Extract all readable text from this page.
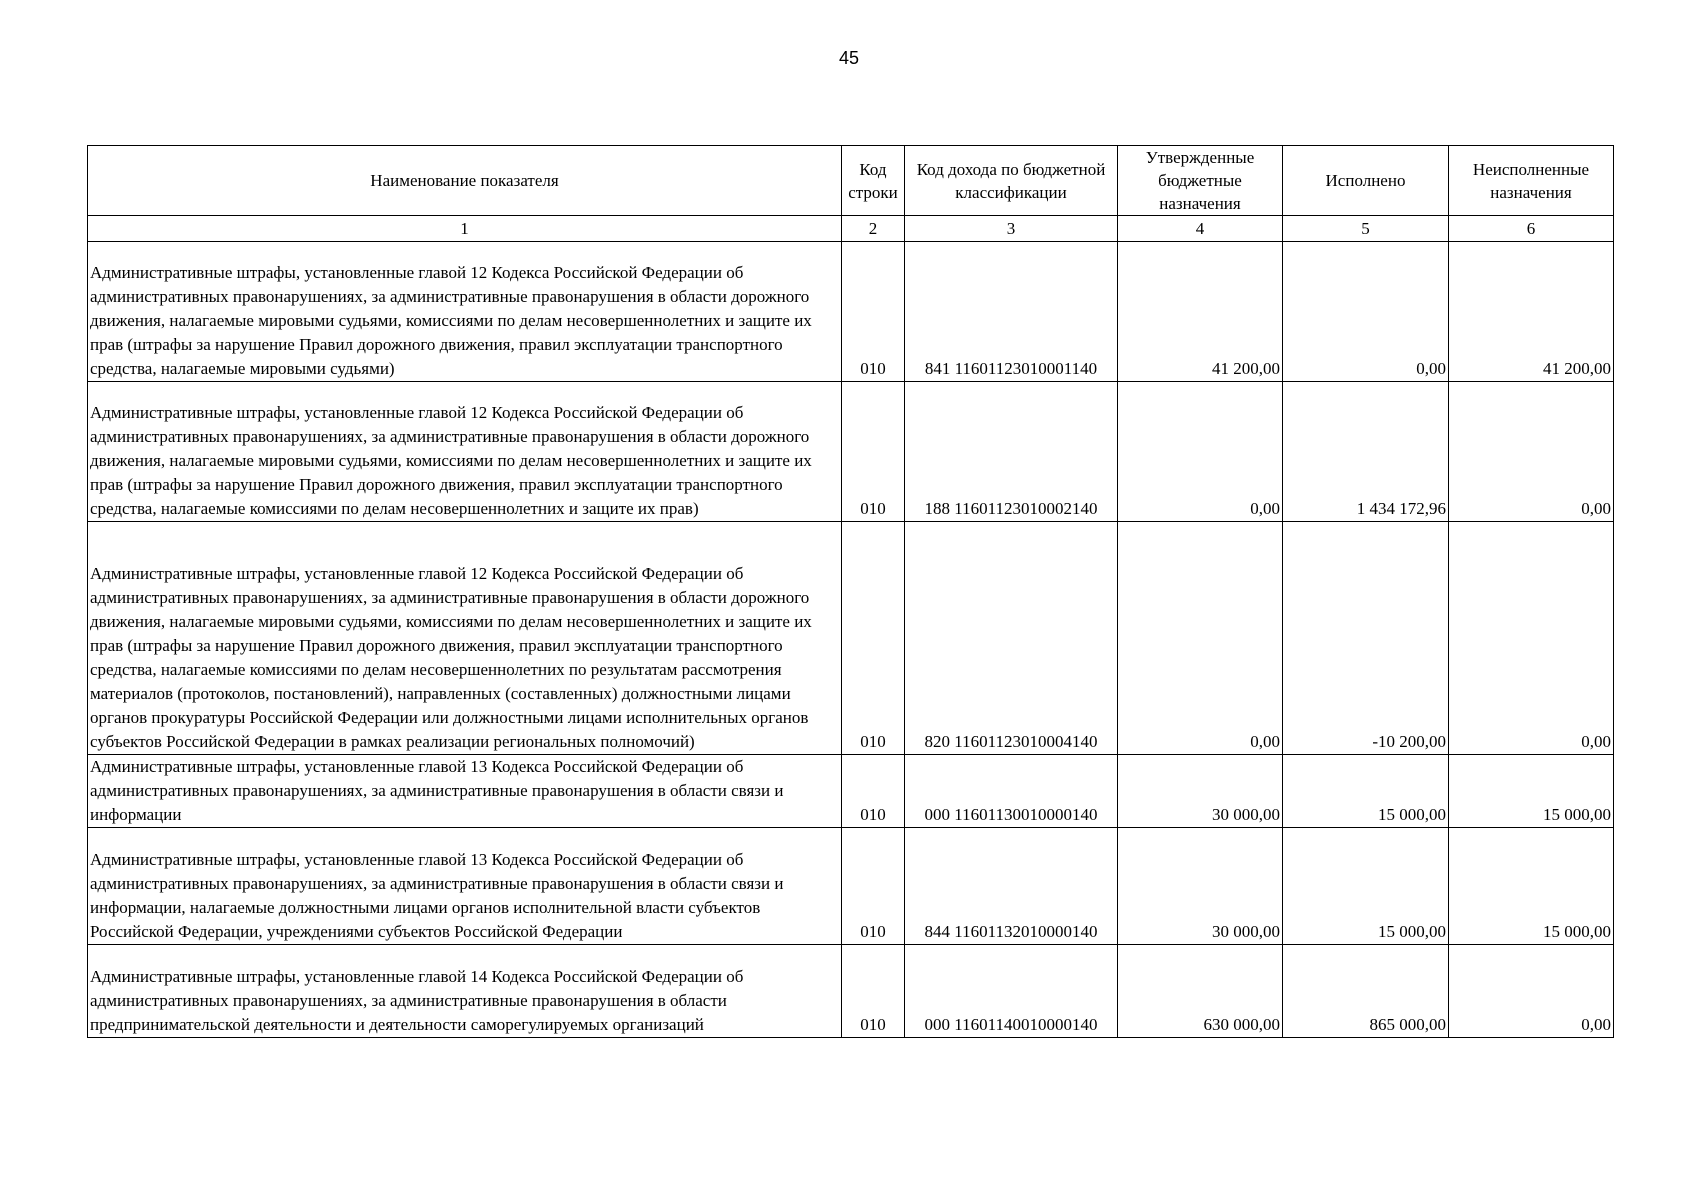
45
Наименование показателя	Код строки	Код дохода по бюджетной классификации	Утвержденные бюджетные назначения	Исполнено	Неисполненные назначения
1	2	3	4	5	6
Административные штрафы, установленные главой 12 Кодекса Российской Федерации об административных правонарушениях, за административные правонарушения в области дорожного движения, налагаемые мировыми судьями, комиссиями по делам несовершеннолетних и защите их прав (штрафы за нарушение Правил дорожного движения, правил эксплуатации транспортного средства, налагаемые мировыми судьями)	010	841 11601123010001140	41 200,00	0,00	41 200,00
Административные штрафы, установленные главой 12 Кодекса Российской Федерации об административных правонарушениях, за административные правонарушения в области дорожного движения, налагаемые мировыми судьями, комиссиями по делам несовершеннолетних и защите их прав (штрафы за нарушение Правил дорожного движения, правил эксплуатации транспортного средства, налагаемые комиссиями по делам несовершеннолетних и защите их прав)	010	188 11601123010002140	0,00	1 434 172,96	0,00
Административные штрафы, установленные главой 12 Кодекса Российской Федерации об административных правонарушениях, за административные правонарушения в области дорожного движения, налагаемые мировыми судьями, комиссиями по делам несовершеннолетних и защите их прав (штрафы за нарушение Правил дорожного движения, правил эксплуатации транспортного средства, налагаемые комиссиями по делам несовершеннолетних по результатам рассмотрения материалов (протоколов, постановлений), направленных (составленных) должностными лицами органов прокуратуры Российской Федерации или должностными лицами исполнительных органов субъектов Российской Федерации в рамках реализации региональных полномочий)	010	820 11601123010004140	0,00	-10 200,00	0,00
Административные штрафы, установленные главой 13 Кодекса Российской Федерации об административных правонарушениях, за административные правонарушения в области связи и информации	010	000 11601130010000140	30 000,00	15 000,00	15 000,00
Административные штрафы, установленные главой 13 Кодекса Российской Федерации об административных правонарушениях, за административные правонарушения в области связи и информации, налагаемые должностными лицами органов исполнительной власти субъектов Российской Федерации, учреждениями субъектов Российской Федерации	010	844 11601132010000140	30 000,00	15 000,00	15 000,00
Административные штрафы, установленные главой 14 Кодекса Российской Федерации об административных правонарушениях, за административные правонарушения в области предпринимательской деятельности и деятельности саморегулируемых организаций	010	000 11601140010000140	630 000,00	865 000,00	0,00
